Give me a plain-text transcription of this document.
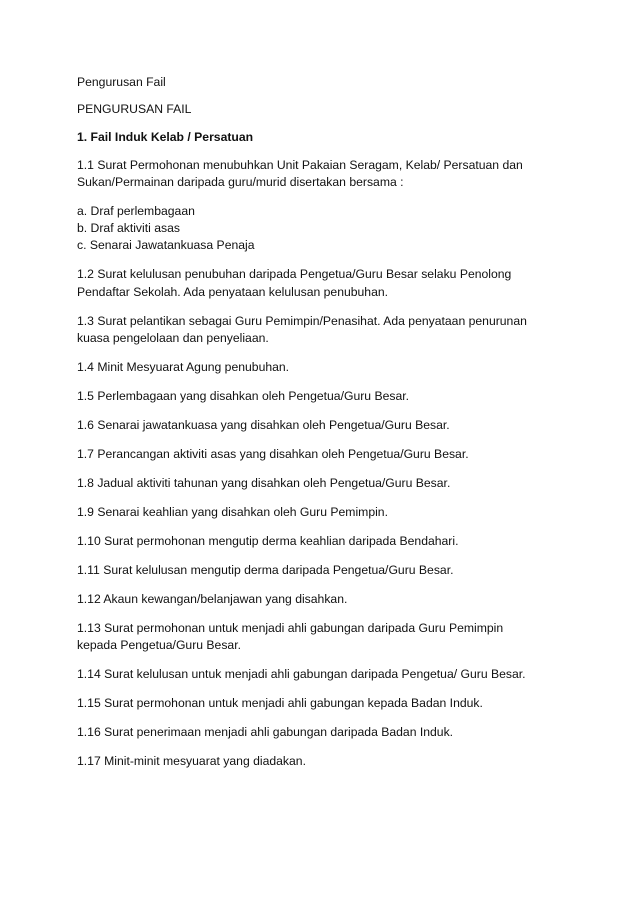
Pengurusan Fail

PENGURUSAN FAIL

1. Fail Induk Kelab / Persatuan

1.1 Surat Permohonan menubuhkan Unit Pakaian Seragam, Kelab/ Persatuan dan

Sukan/Permainan daripada guru/murid disertakan bersama :

a. Draf perlembagaan

b. Draf aktiviti asas

c. Senarai Jawatankuasa Penaja

1.2 Surat kelulusan penubuhan daripada Pengetua/Guru Besar selaku Penolong

Pendaftar Sekolah. Ada penyataan kelulusan penubuhan.

1.3 Surat pelantikan sebagai Guru Pemimpin/Penasihat. Ada penyataan penurunan

kuasa pengelolaan dan penyeliaan.

1.4 Minit Mesyuarat Agung penubuhan.

1.5 Perlembagaan yang disahkan oleh Pengetua/Guru Besar.

1.6 Senarai jawatankuasa yang disahkan oleh Pengetua/Guru Besar.

1.7 Perancangan aktiviti asas yang disahkan oleh Pengetua/Guru Besar.

1.8 Jadual aktiviti tahunan yang disahkan oleh Pengetua/Guru Besar.

1.9 Senarai keahlian yang disahkan oleh Guru Pemimpin.

1.10 Surat permohonan mengutip derma keahlian daripada Bendahari.

1.11 Surat kelulusan mengutip derma daripada Pengetua/Guru Besar.

1.12 Akaun kewangan/belanjawan yang disahkan.

1.13 Surat permohonan untuk menjadi ahli gabungan daripada Guru Pemimpin

kepada Pengetua/Guru Besar.

1.14 Surat kelulusan untuk menjadi ahli gabungan daripada Pengetua/ Guru Besar.

1.15 Surat permohonan untuk menjadi ahli gabungan kepada Badan Induk.

1.16 Surat penerimaan menjadi ahli gabungan daripada Badan Induk.

1.17 Minit-minit mesyuarat yang diadakan.
